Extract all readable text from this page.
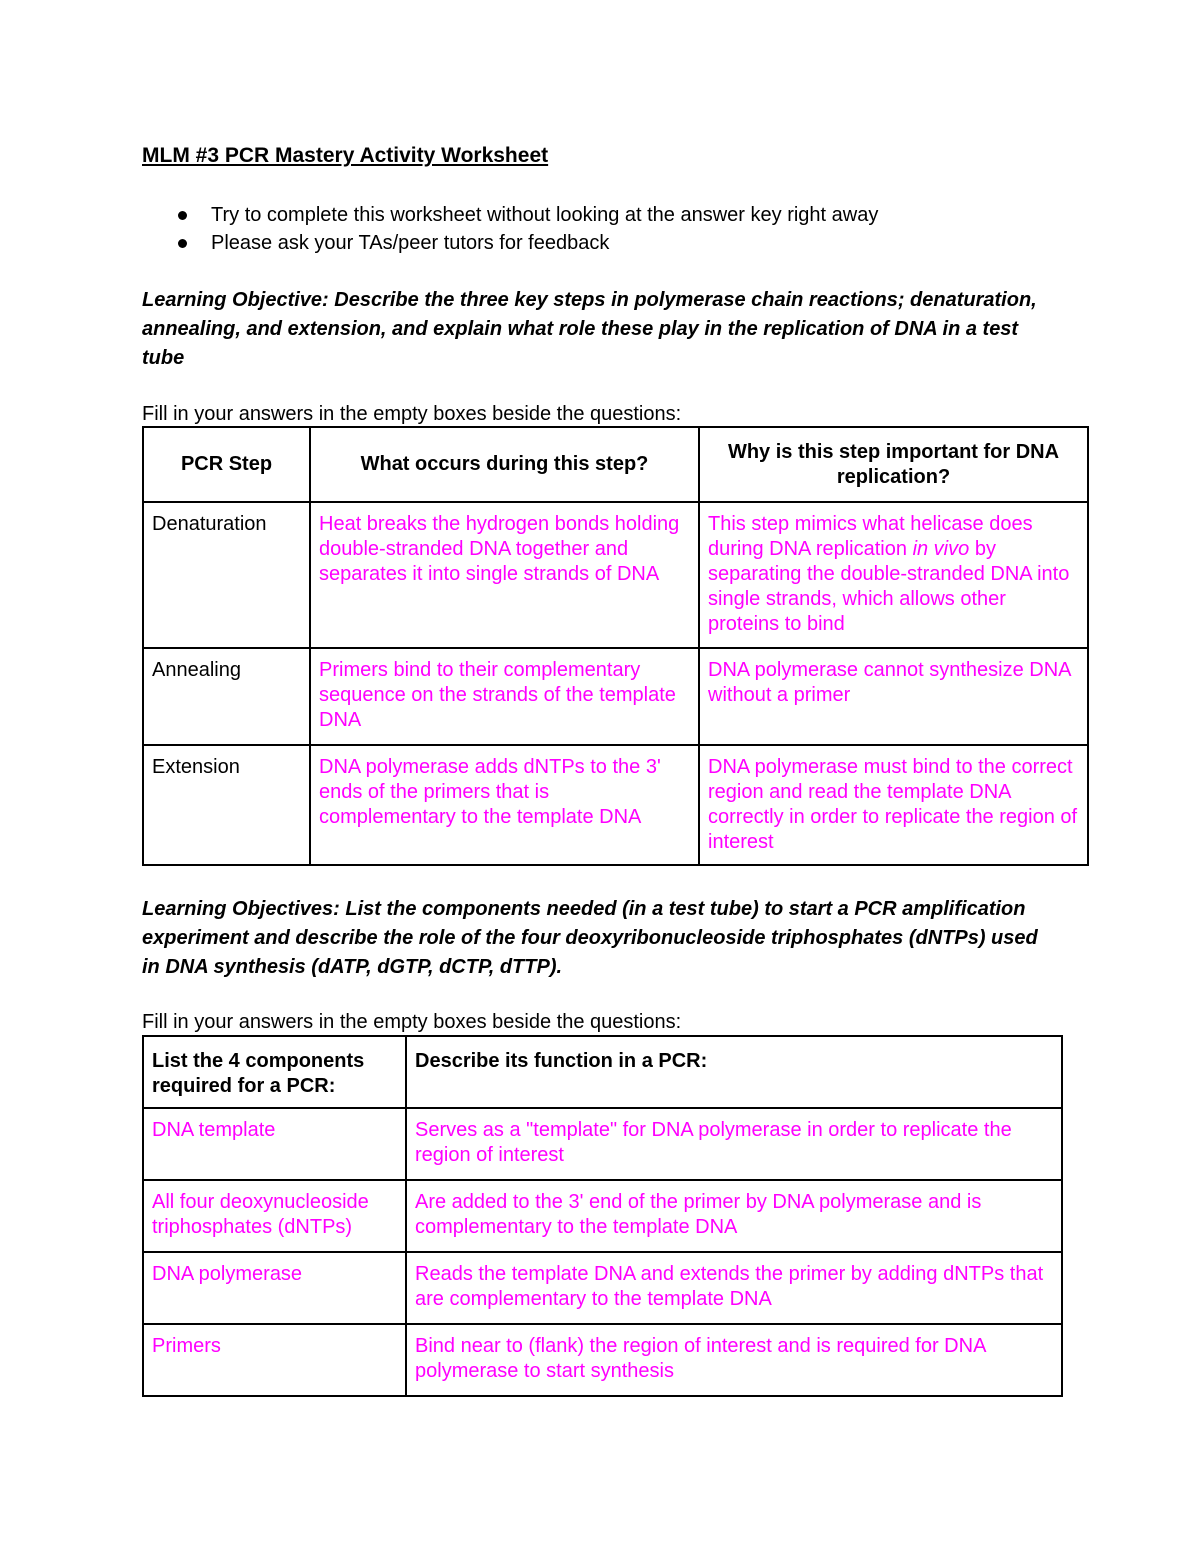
MLM #3 PCR Mastery Activity Worksheet
Try to complete this worksheet without looking at the answer key right away
Please ask your TAs/peer tutors for feedback

Learning Objective: Describe the three key steps in polymerase chain reactions; denaturation, annealing, and extension, and explain what role these play in the replication of DNA in a test tube

Fill in your answers in the empty boxes beside the questions:

PCR Step	What occurs during this step?	Why is this step important for DNA replication?
Denaturation	Heat breaks the hydrogen bonds holding double-stranded DNA together and separates it into single strands of DNA	This step mimics what helicase does during DNA replication in vivo by separating the double-stranded DNA into single strands, which allows other proteins to bind
Annealing	Primers bind to their complementary sequence on the strands of the template DNA	DNA polymerase cannot synthesize DNA without a primer
Extension	DNA polymerase adds dNTPs to the 3' ends of the primers that is complementary to the template DNA	DNA polymerase must bind to the correct region and read the template DNA correctly in order to replicate the region of interest

Learning Objectives: List the components needed (in a test tube) to start a PCR amplification experiment and describe the role of the four deoxyribonucleoside triphosphates (dNTPs) used in DNA synthesis (dATP, dGTP, dCTP, dTTP).

Fill in your answers in the empty boxes beside the questions:

List the 4 components required for a PCR:	Describe its function in a PCR:
DNA template	Serves as a "template" for DNA polymerase in order to replicate the region of interest
All four deoxynucleoside triphosphates (dNTPs)	Are added to the 3' end of the primer by DNA polymerase and is complementary to the template DNA
DNA polymerase	Reads the template DNA and extends the primer by adding dNTPs that are complementary to the template DNA
Primers	Bind near to (flank) the region of interest and is required for DNA polymerase to start synthesis
